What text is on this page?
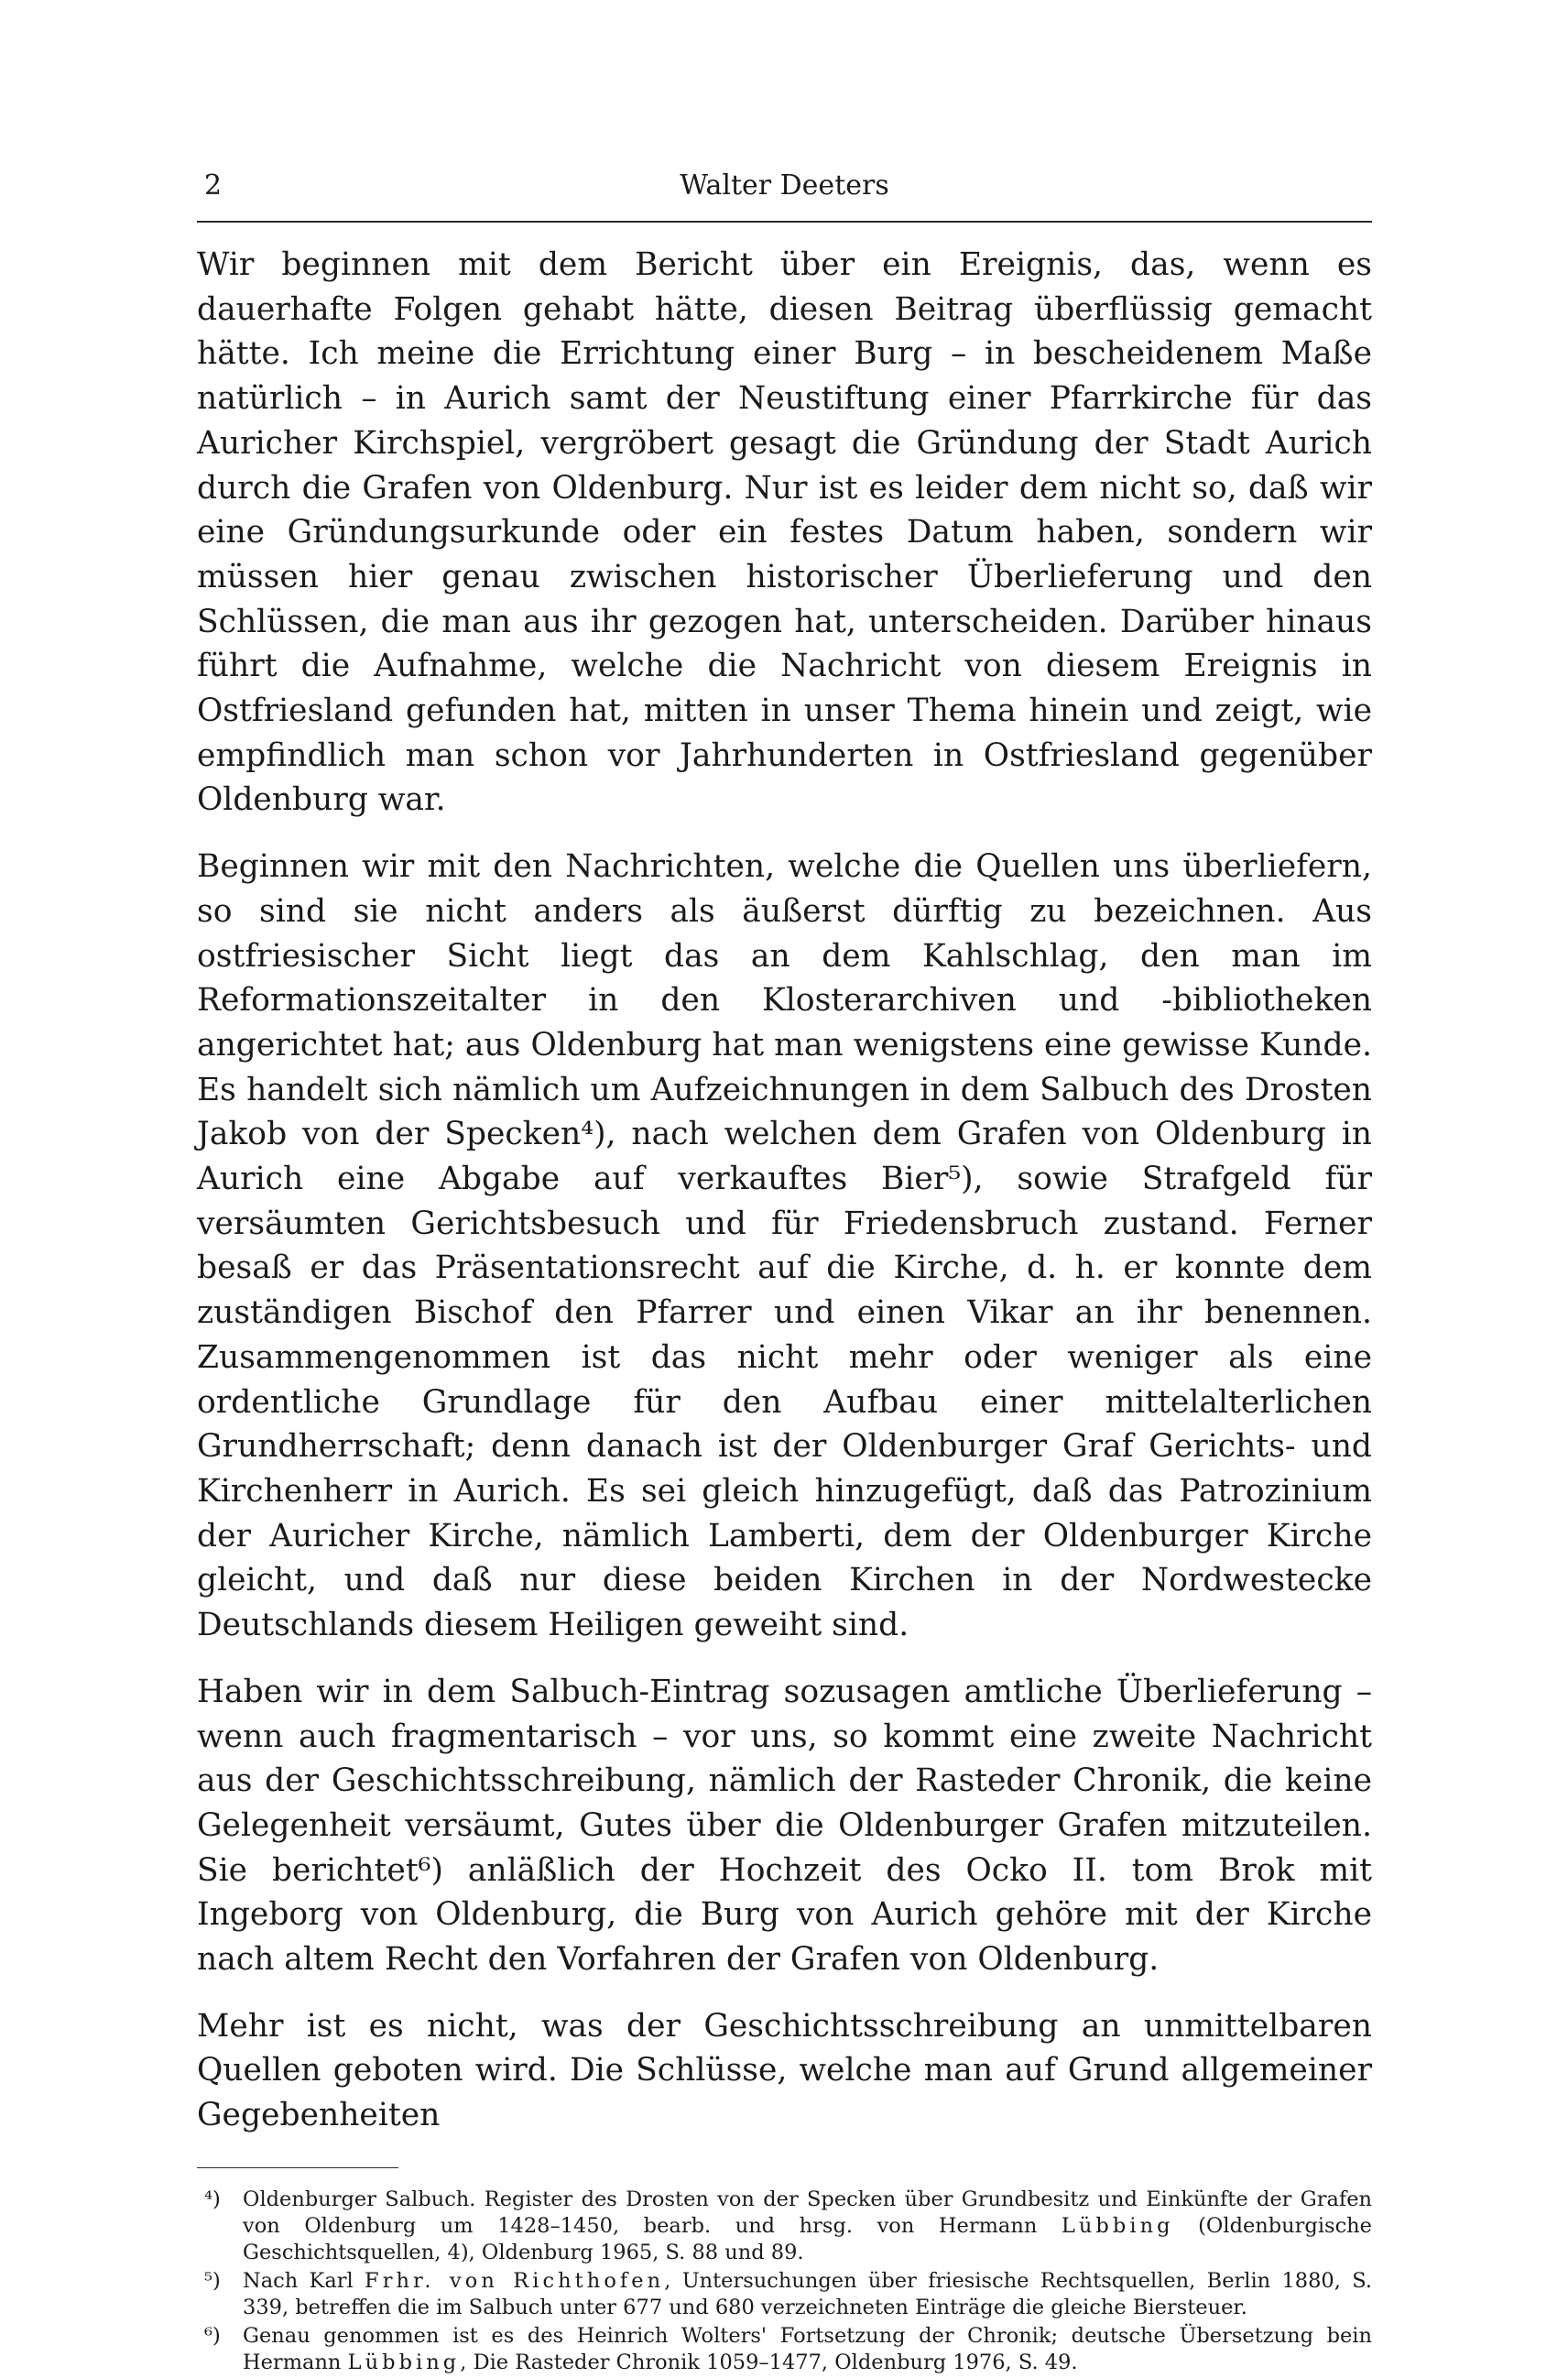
2	Walter Deeters

Wir beginnen mit dem Bericht über ein Ereignis, das, wenn es dauerhafte Folgen gehabt hätte, diesen Beitrag überflüssig gemacht hätte. Ich meine die Errichtung einer Burg – in bescheidenem Maße natürlich – in Aurich samt der Neustiftung einer Pfarrkirche für das Auricher Kirchspiel, vergröbert gesagt die Gründung der Stadt Aurich durch die Grafen von Oldenburg. Nur ist es leider dem nicht so, daß wir eine Gründungsurkunde oder ein festes Datum haben, sondern wir müssen hier genau zwischen historischer Überlieferung und den Schlüssen, die man aus ihr gezogen hat, unterscheiden. Darüber hinaus führt die Aufnahme, welche die Nachricht von diesem Ereignis in Ostfriesland gefunden hat, mitten in unser Thema hinein und zeigt, wie empfindlich man schon vor Jahrhunderten in Ostfriesland gegenüber Oldenburg war.

Beginnen wir mit den Nachrichten, welche die Quellen uns überliefern, so sind sie nicht anders als äußerst dürftig zu bezeichnen. Aus ostfriesischer Sicht liegt das an dem Kahlschlag, den man im Reformationszeitalter in den Klosterarchiven und -bibliotheken angerichtet hat; aus Oldenburg hat man wenigstens eine gewisse Kunde. Es handelt sich nämlich um Aufzeichnungen in dem Salbuch des Drosten Jakob von der Specken⁴), nach welchen dem Grafen von Oldenburg in Aurich eine Abgabe auf verkauftes Bier⁵), sowie Strafgeld für versäumten Gerichtsbesuch und für Friedensbruch zustand. Ferner besaß er das Präsentationsrecht auf die Kirche, d. h. er konnte dem zuständigen Bischof den Pfarrer und einen Vikar an ihr benennen. Zusammengenommen ist das nicht mehr oder weniger als eine ordentliche Grundlage für den Aufbau einer mittelalterlichen Grundherrschaft; denn danach ist der Oldenburger Graf Gerichts- und Kirchenherr in Aurich. Es sei gleich hinzugefügt, daß das Patrozinium der Auricher Kirche, nämlich Lamberti, dem der Oldenburger Kirche gleicht, und daß nur diese beiden Kirchen in der Nordwestecke Deutschlands diesem Heiligen geweiht sind.

Haben wir in dem Salbuch-Eintrag sozusagen amtliche Überlieferung – wenn auch fragmentarisch – vor uns, so kommt eine zweite Nachricht aus der Geschichtsschreibung, nämlich der Rasteder Chronik, die keine Gelegenheit versäumt, Gutes über die Oldenburger Grafen mitzuteilen. Sie berichtet⁶) anläßlich der Hochzeit des Ocko II. tom Brok mit Ingeborg von Oldenburg, die Burg von Aurich gehöre mit der Kirche nach altem Recht den Vorfahren der Grafen von Oldenburg.

Mehr ist es nicht, was der Geschichtsschreibung an unmittelbaren Quellen geboten wird. Die Schlüsse, welche man auf Grund allgemeiner Gegebenheiten

⁴) Oldenburger Salbuch. Register des Drosten von der Specken über Grundbesitz und Einkünfte der Grafen von Oldenburg um 1428–1450, bearb. und hrsg. von Hermann Lübbing (Oldenburgische Geschichtsquellen, 4), Oldenburg 1965, S. 88 und 89.

⁵) Nach Karl Frhr. von Richthofen, Untersuchungen über friesische Rechtsquellen, Berlin 1880, S. 339, betreffen die im Salbuch unter 677 und 680 verzeichneten Einträge die gleiche Biersteuer.

⁶) Genau genommen ist es des Heinrich Wolters' Fortsetzung der Chronik; deutsche Übersetzung bein Hermann Lübbing, Die Rasteder Chronik 1059–1477, Oldenburg 1976, S. 49.
